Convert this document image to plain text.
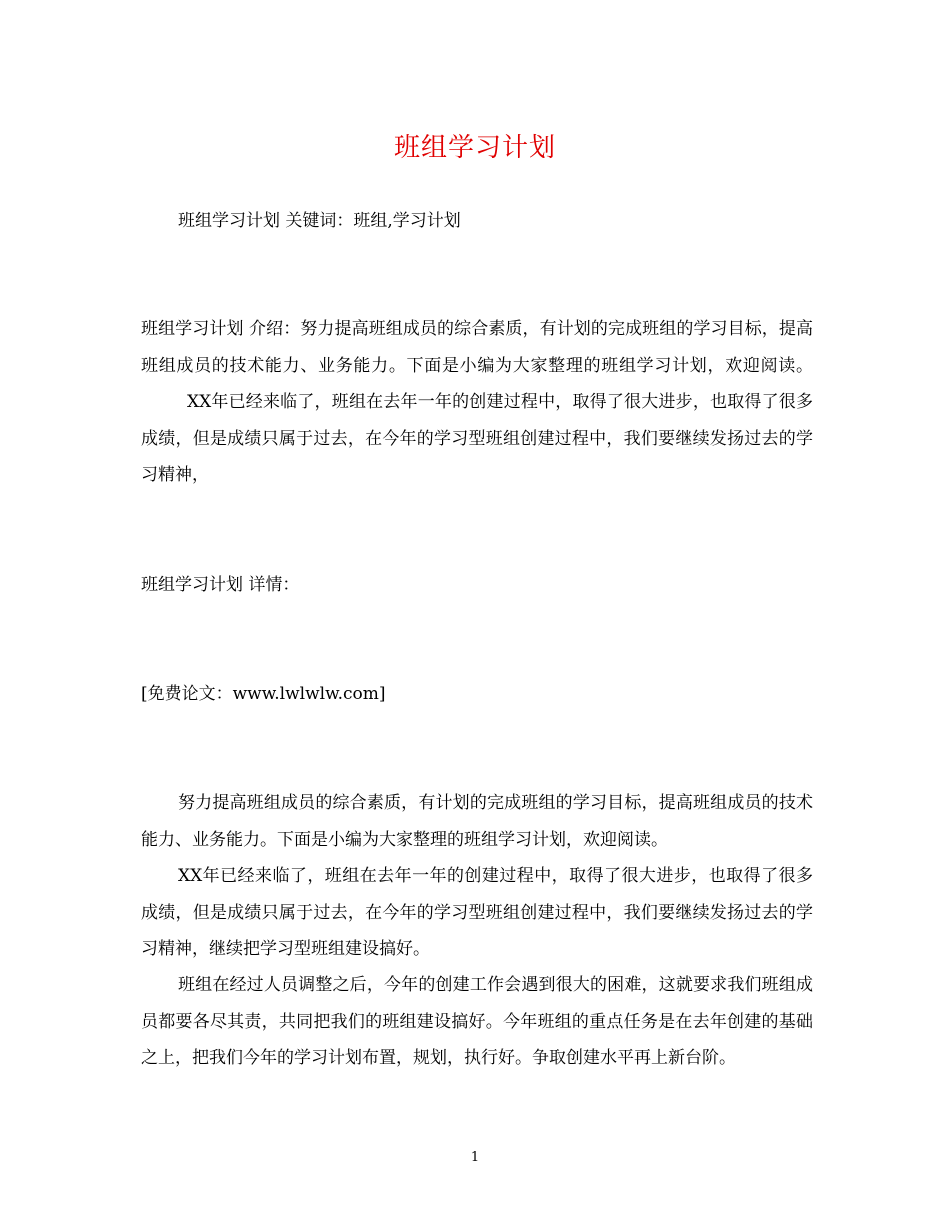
班组学习计划

班组学习计划 关键词：班组,学习计划

班组学习计划 介绍：努力提高班组成员的综合素质，有计划的完成班组的学习目标，提高班组成员的技术能力、业务能力。下面是小编为大家整理的班组学习计划，欢迎阅读。XX年已经来临了，班组在去年一年的创建过程中，取得了很大进步，也取得了很多成绩，但是成绩只属于过去，在今年的学习型班组创建过程中，我们要继续发扬过去的学习精神，

班组学习计划 详情：

[免费论文：www.lwlwlw.com]

努力提高班组成员的综合素质，有计划的完成班组的学习目标，提高班组成员的技术能力、业务能力。下面是小编为大家整理的班组学习计划，欢迎阅读。

XX年已经来临了，班组在去年一年的创建过程中，取得了很大进步，也取得了很多成绩，但是成绩只属于过去，在今年的学习型班组创建过程中，我们要继续发扬过去的学习精神，继续把学习型班组建设搞好。

班组在经过人员调整之后，今年的创建工作会遇到很大的困难，这就要求我们班组成员都要各尽其责，共同把我们的班组建设搞好。今年班组的重点任务是在去年创建的基础之上，把我们今年的学习计划布置，规划，执行好。争取创建水平再上新台阶。

1
